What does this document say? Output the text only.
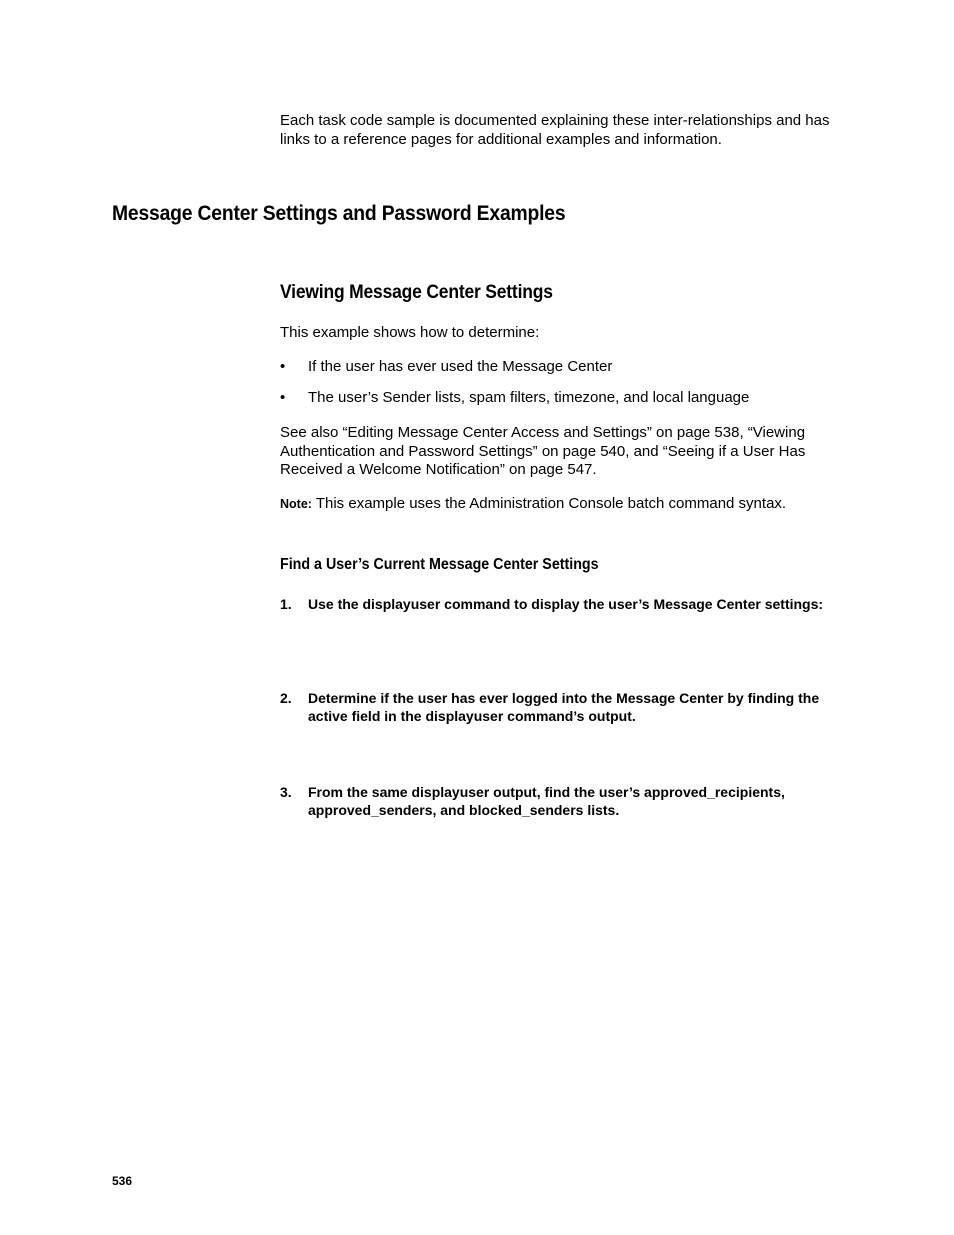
Each task code sample is documented explaining these inter-relationships and has links to a reference pages for additional examples and information.

Message Center Settings and Password Examples
Viewing Message Center Settings

This example shows how to determine:

• If the user has ever used the Message Center
• The user’s Sender lists, spam filters, timezone, and local language

See also “Editing Message Center Access and Settings” on page 538, “Viewing Authentication and Password Settings” on page 540, and “Seeing if a User Has Received a Welcome Notification” on page 547.

Note: This example uses the Administration Console batch command syntax.

Find a User’s Current Message Center Settings
1. Use the displayuser command to display the user’s Message Center settings:
2. Determine if the user has ever logged into the Message Center by finding the active field in the displayuser command’s output.
3. From the same displayuser output, find the user’s approved_recipients, approved_senders, and blocked_senders lists.

536
